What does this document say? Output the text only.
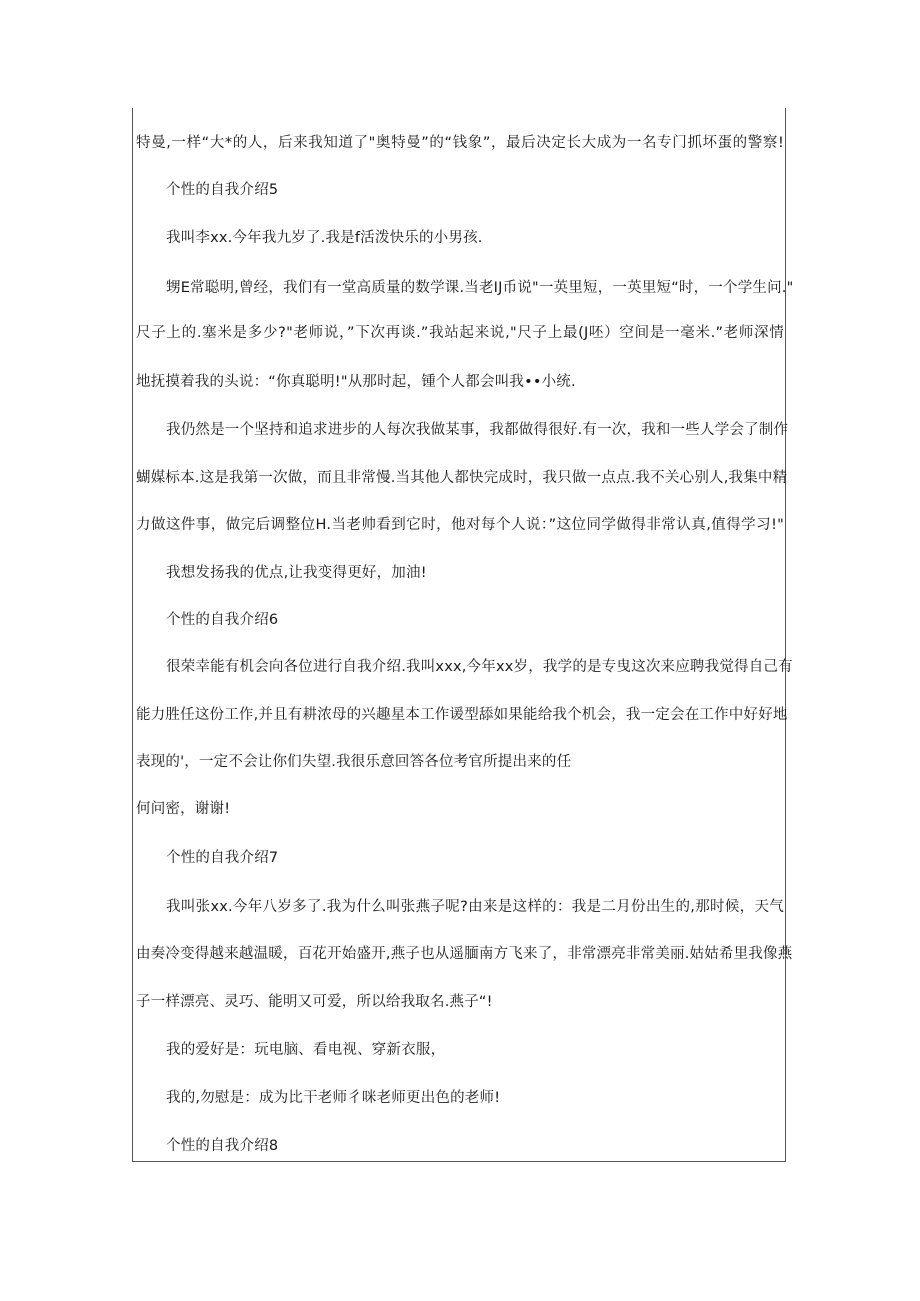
特曼,一样“大*的人，后来我知道了"奥特曼”的“钱象”，最后决定长大成为一名专门抓坏蛋的警察!
个性的自我介绍5
我叫李xx.今年我九岁了.我是f活泼快乐的小男孩.
甥E常聪明,曾经，我们有一堂高质量的数学课.当老IJ币说"一英里短，一英里短“时，一个学生问."
尺子上的.塞米是多少?"老师说，”下次再谈.”我站起来说,"尺子上最(J呸）空间是一毫米.”老师深情
地抚摸着我的头说：“你真聪明!"从那时起，锺个人都会叫我••小统.
我仍然是一个坚持和追求进步的人每次我做某事，我都做得很好.有一次，我和一些人学会了制作
蝴媒标本.这是我第一次做，而且非常慢.当其他人都快完成时，我只做一点点.我不关心别人,我集中精
力做这件事，做完后调整位H.当老帅看到它时，他对每个人说：”这位同学做得非常认真,值得学习!"
我想发扬我的优点,让我变得更好，加油!
个性的自我介绍6
很荣幸能有机会向各位进行自我介绍.我叫xxx,今年xx岁，我学的是专曳这次来应聘我觉得自己有
能力胜任这份工作,并且有耕浓母的兴趣星本工作谖型舔如果能给我个机会，我一定会在工作中好好地
表现的'，一定不会让你们失望.我很乐意回答各位考官所提出来的任
何问密，谢谢!
个性的自我介绍7
我叫张xx.今年八岁多了.我为什么叫张燕子呢?由来是这样的：我是二月份出生的,那时候，天气
由奏冷变得越来越温暖，百花开始盛开,燕子也从遥腼南方飞来了，非常漂亮非常美丽.姑姑希里我像燕
子一样漂亮、灵巧、能明又可爱，所以给我取名.燕子“!
我的爱好是：玩电脑、看电视、穿新衣服，
我的,勿慰是：成为比干老师彳咪老师更出色的老师!
个性的自我介绍8
